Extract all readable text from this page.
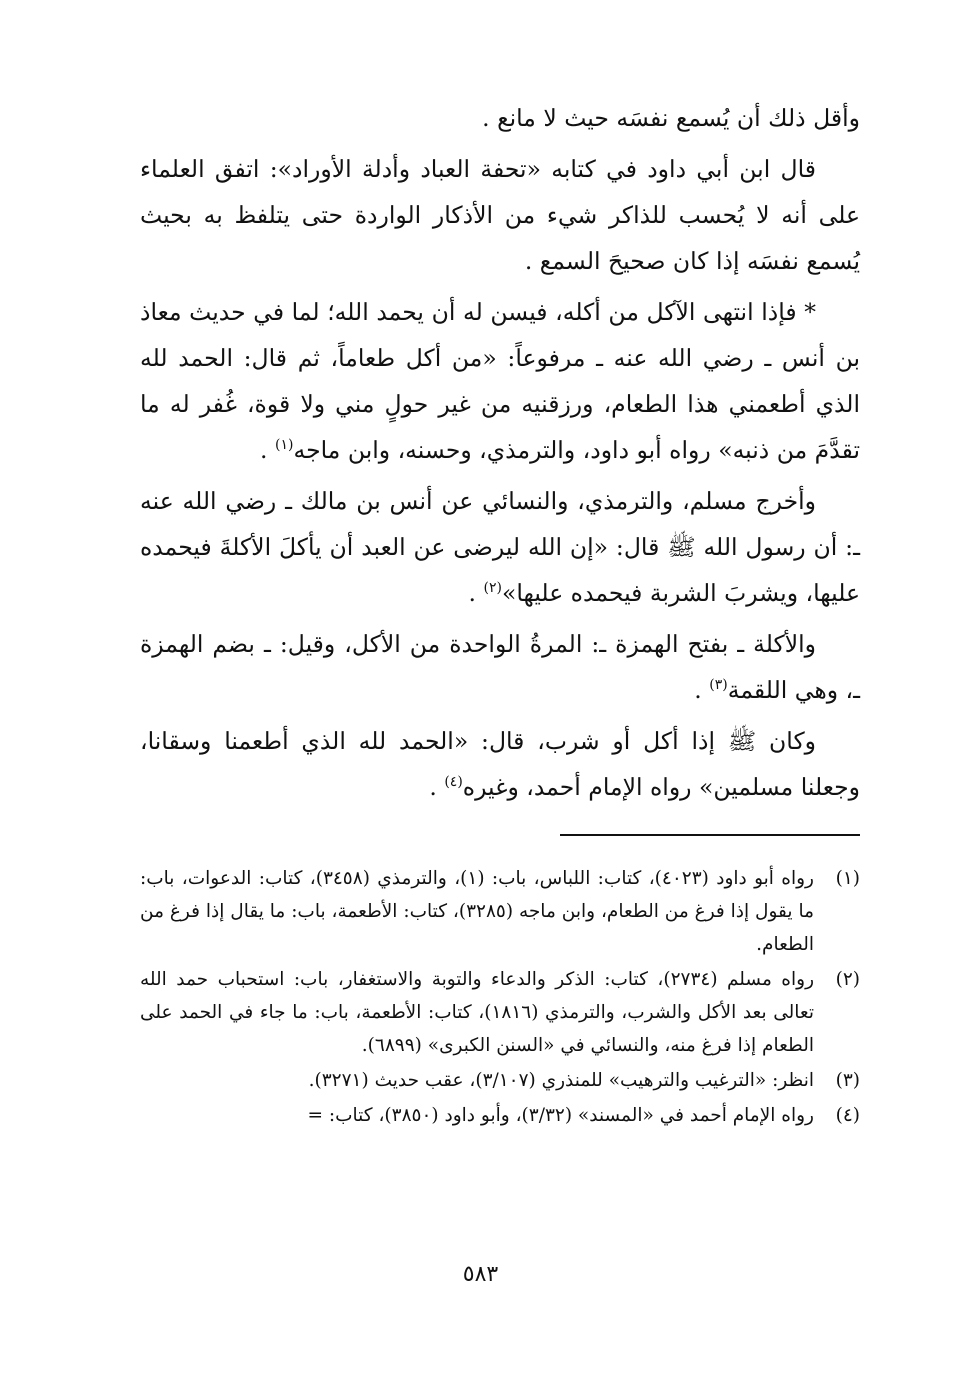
وأقل ذلك أن يُسمع نفسَه حيث لا مانع .

قال ابن أبي داود في كتابه «تحفة العباد وأدلة الأوراد»: اتفق العلماء على أنه لا يُحسب للذاكر شيء من الأذكار الواردة حتى يتلفظ به بحيث يُسمع نفسَه إذا كان صحيحَ السمع .

* فإذا انتهى الآكل من أكله، فيسن له أن يحمد الله؛ لما في حديث معاذ بن أنس ـ رضي الله عنه ـ مرفوعاً: «من أكل طعاماً، ثم قال: الحمد لله الذي أطعمني هذا الطعام، ورزقنيه من غير حولٍ مني ولا قوة، غُفر له ما تقدَّمَ من ذنبه» رواه أبو داود، والترمذي، وحسنه، وابن ماجه$^{(١)}$ .

وأخرج مسلم، والترمذي، والنسائي عن أنس بن مالك ـ رضي الله عنه ـ: أن رسول الله ﷺ قال: «إن الله ليرضى عن العبد أن يأكلَ الأكلةَ فيحمده عليها، ويشربَ الشربة فيحمده عليها»$^{(٢)}$ .

والأكلة ـ بفتح الهمزة ـ: المرةُ الواحدة من الأكل، وقيل: ـ بضم الهمزة ـ، وهي اللقمة$^{(٣)}$ .

وكان ﷺ إذا أكل أو شرب، قال: «الحمد لله الذي أطعمنا وسقانا، وجعلنا مسلمين» رواه الإمام أحمد، وغيره$^{(٤)}$ .

(١)
رواه أبو داود (٤٠٢٣)، كتاب: اللباس، باب: (١)، والترمذي (٣٤٥٨)، كتاب: الدعوات، باب: ما يقول إذا فرغ من الطعام، وابن ماجه (٣٢٨٥)، كتاب: الأطعمة، باب: ما يقال إذا فرغ من الطعام.
(٢)
رواه مسلم (٢٧٣٤)، كتاب: الذكر والدعاء والتوبة والاستغفار، باب: استحباب حمد الله تعالى بعد الأكل والشرب، والترمذي (١٨١٦)، كتاب: الأطعمة، باب: ما جاء في الحمد على الطعام إذا فرغ منه، والنسائي في «السنن الكبرى» (٦٨٩٩).
(٣)
انظر: «الترغيب والترهيب» للمنذري (٣/١٠٧)، عقب حديث (٣٢٧١).
(٤)
رواه الإمام أحمد في «المسند» (٣/٣٢)، وأبو داود (٣٨٥٠)، كتاب: =
٥٨٣
